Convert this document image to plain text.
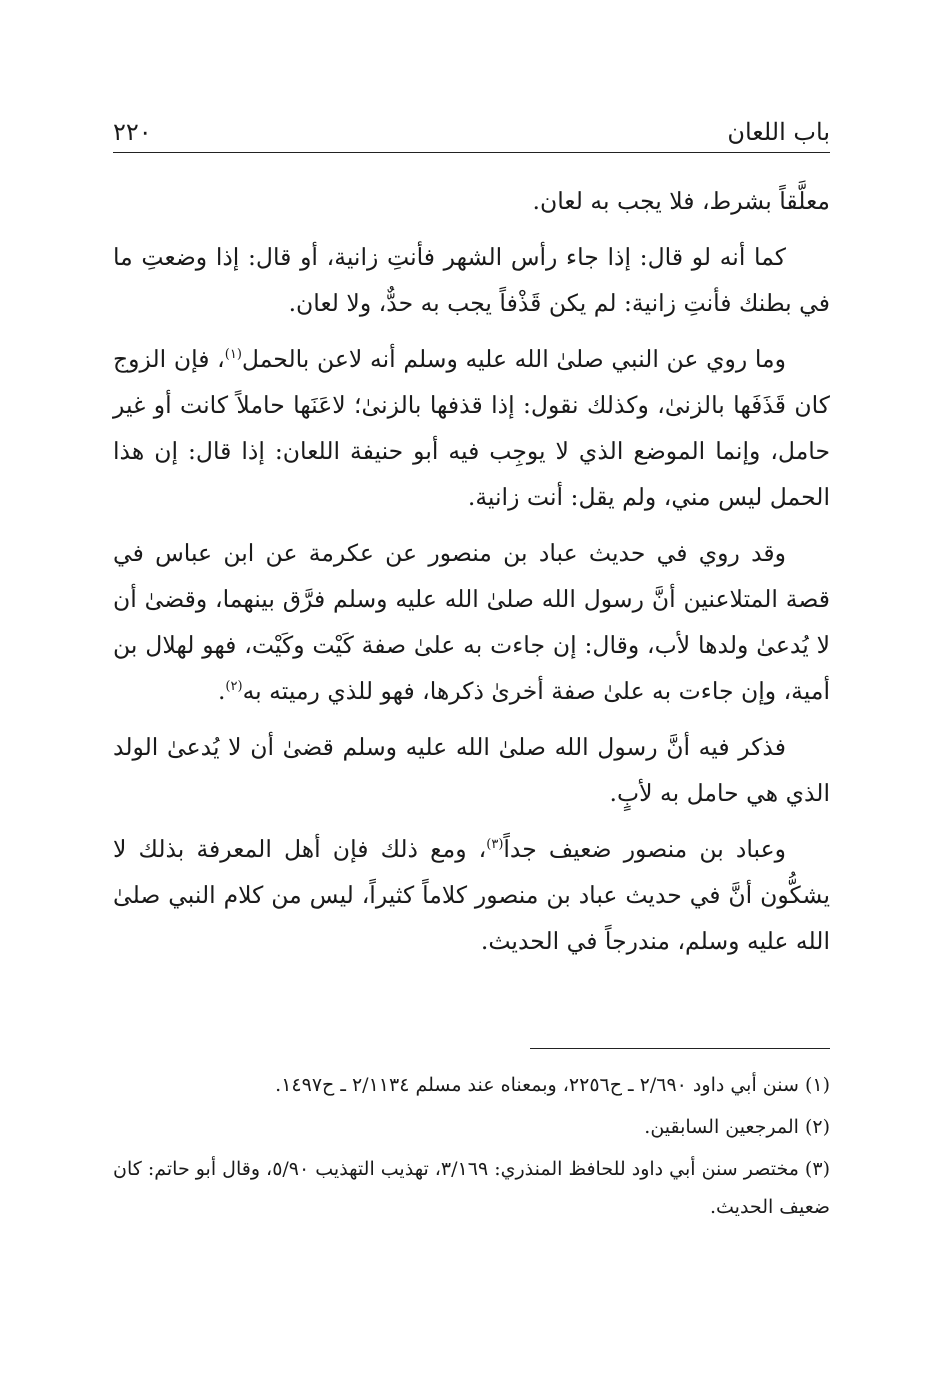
باب اللعان
٢٢٠

معلَّقاً بشرط، فلا يجب به لعان.

كما أنه لو قال: إذا جاء رأس الشهر فأنتِ زانية، أو قال: إذا وضعتِ ما في بطنك فأنتِ زانية: لم يكن قَذْفاً يجب به حدٌّ، ولا لعان.

وما روي عن النبي صلىٰ الله عليه وسلم أنه لاعن بالحمل$^{(١)}$، فإن الزوج كان قَذَفَها بالزنىٰ، وكذلك نقول: إذا قذفها بالزنىٰ؛ لاعَنَها حاملاً كانت أو غير حامل، وإنما الموضع الذي لا يوجِب فيه أبو حنيفة اللعان: إذا قال: إن هذا الحمل ليس مني، ولم يقل: أنت زانية.

وقد روي في حديث عباد بن منصور عن عكرمة عن ابن عباس في قصة المتلاعنين أنَّ رسول الله صلىٰ الله عليه وسلم فرَّق بينهما، وقضىٰ أن لا يُدعىٰ ولدها لأب، وقال: إن جاءت به علىٰ صفة كَيْت وكَيْت، فهو لهلال بن أمية، وإن جاءت به علىٰ صفة أخرىٰ ذكرها، فهو للذي رميته به$^{(٢)}$.

فذكر فيه أنَّ رسول الله صلىٰ الله عليه وسلم قضىٰ أن لا يُدعىٰ الولد الذي هي حامل به لأبٍ.

وعباد بن منصور ضعيف جداً$^{(٣)}$، ومع ذلك فإن أهل المعرفة بذلك لا يشكُّون أنَّ في حديث عباد بن منصور كلاماً كثيراً، ليس من كلام النبي صلىٰ الله عليه وسلم، مندرجاً في الحديث.

(١) سنن أبي داود ٢/٦٩٠ ـ ح٢٢٥٦، وبمعناه عند مسلم ٢/١١٣٤ ـ ح١٤٩٧.

(٢) المرجعين السابقين.

(٣) مختصر سنن أبي داود للحافظ المنذري: ٣/١٦٩، تهذيب التهذيب ٥/٩٠، وقال أبو حاتم: كان ضعيف الحديث.
